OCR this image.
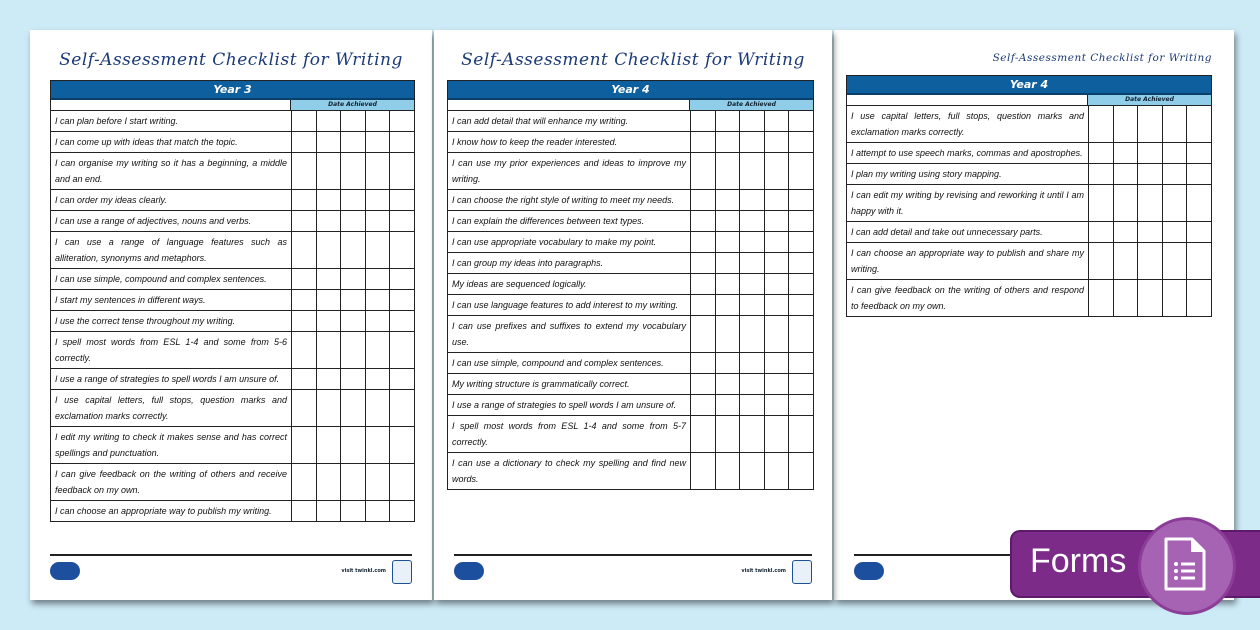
Self-Assessment Checklist for Writing
Year 3
Date Achieved
I can plan before I start writing.
I can come up with ideas that match the topic.
I can organise my writing so it has a beginning, a middle and an end.
I can order my ideas clearly.
I can use a range of adjectives, nouns and verbs.
I can use a range of language features such as alliteration, synonyms and metaphors.
I can use simple, compound and complex sentences.
I start my sentences in different ways.
I use the correct tense throughout my writing.
I spell most words from ESL 1-4 and some from 5-6 correctly.
I use a range of strategies to spell words I am unsure of.
I use capital letters, full stops, question marks and exclamation marks correctly.
I edit my writing to check it makes sense and has correct spellings and punctuation.
I can give feedback on the writing of others and receive feedback on my own.
I can choose an appropriate way to publish my writing.
visit twinkl.com
Self-Assessment Checklist for Writing
Year 4
Date Achieved
I can add detail that will enhance my writing.
I know how to keep the reader interested.
I can use my prior experiences and ideas to improve my writing.
I can choose the right style of writing to meet my needs.
I can explain the differences between text types.
I can use appropriate vocabulary to make my point.
I can group my ideas into paragraphs.
My ideas are sequenced logically.
I can use language features to add interest to my writing.
I can use prefixes and suffixes to extend my vocabulary use.
I can use simple, compound and complex sentences.
My writing structure is grammatically correct.
I use a range of strategies to spell words I am unsure of.
I spell most words from ESL 1-4 and some from 5-7 correctly.
I can use a dictionary to check my spelling and find new words.
visit twinkl.com
Self-Assessment Checklist for Writing
Year 4
Date Achieved
I use capital letters, full stops, question marks and exclamation marks correctly.
I attempt to use speech marks, commas and apostrophes.
I plan my writing using story mapping.
I can edit my writing by revising and reworking it until I am happy with it.
I can add detail and take out unnecessary parts.
I can choose an appropriate way to publish and share my writing.
I can give feedback on the writing of others and respond to feedback on my own.
Forms
